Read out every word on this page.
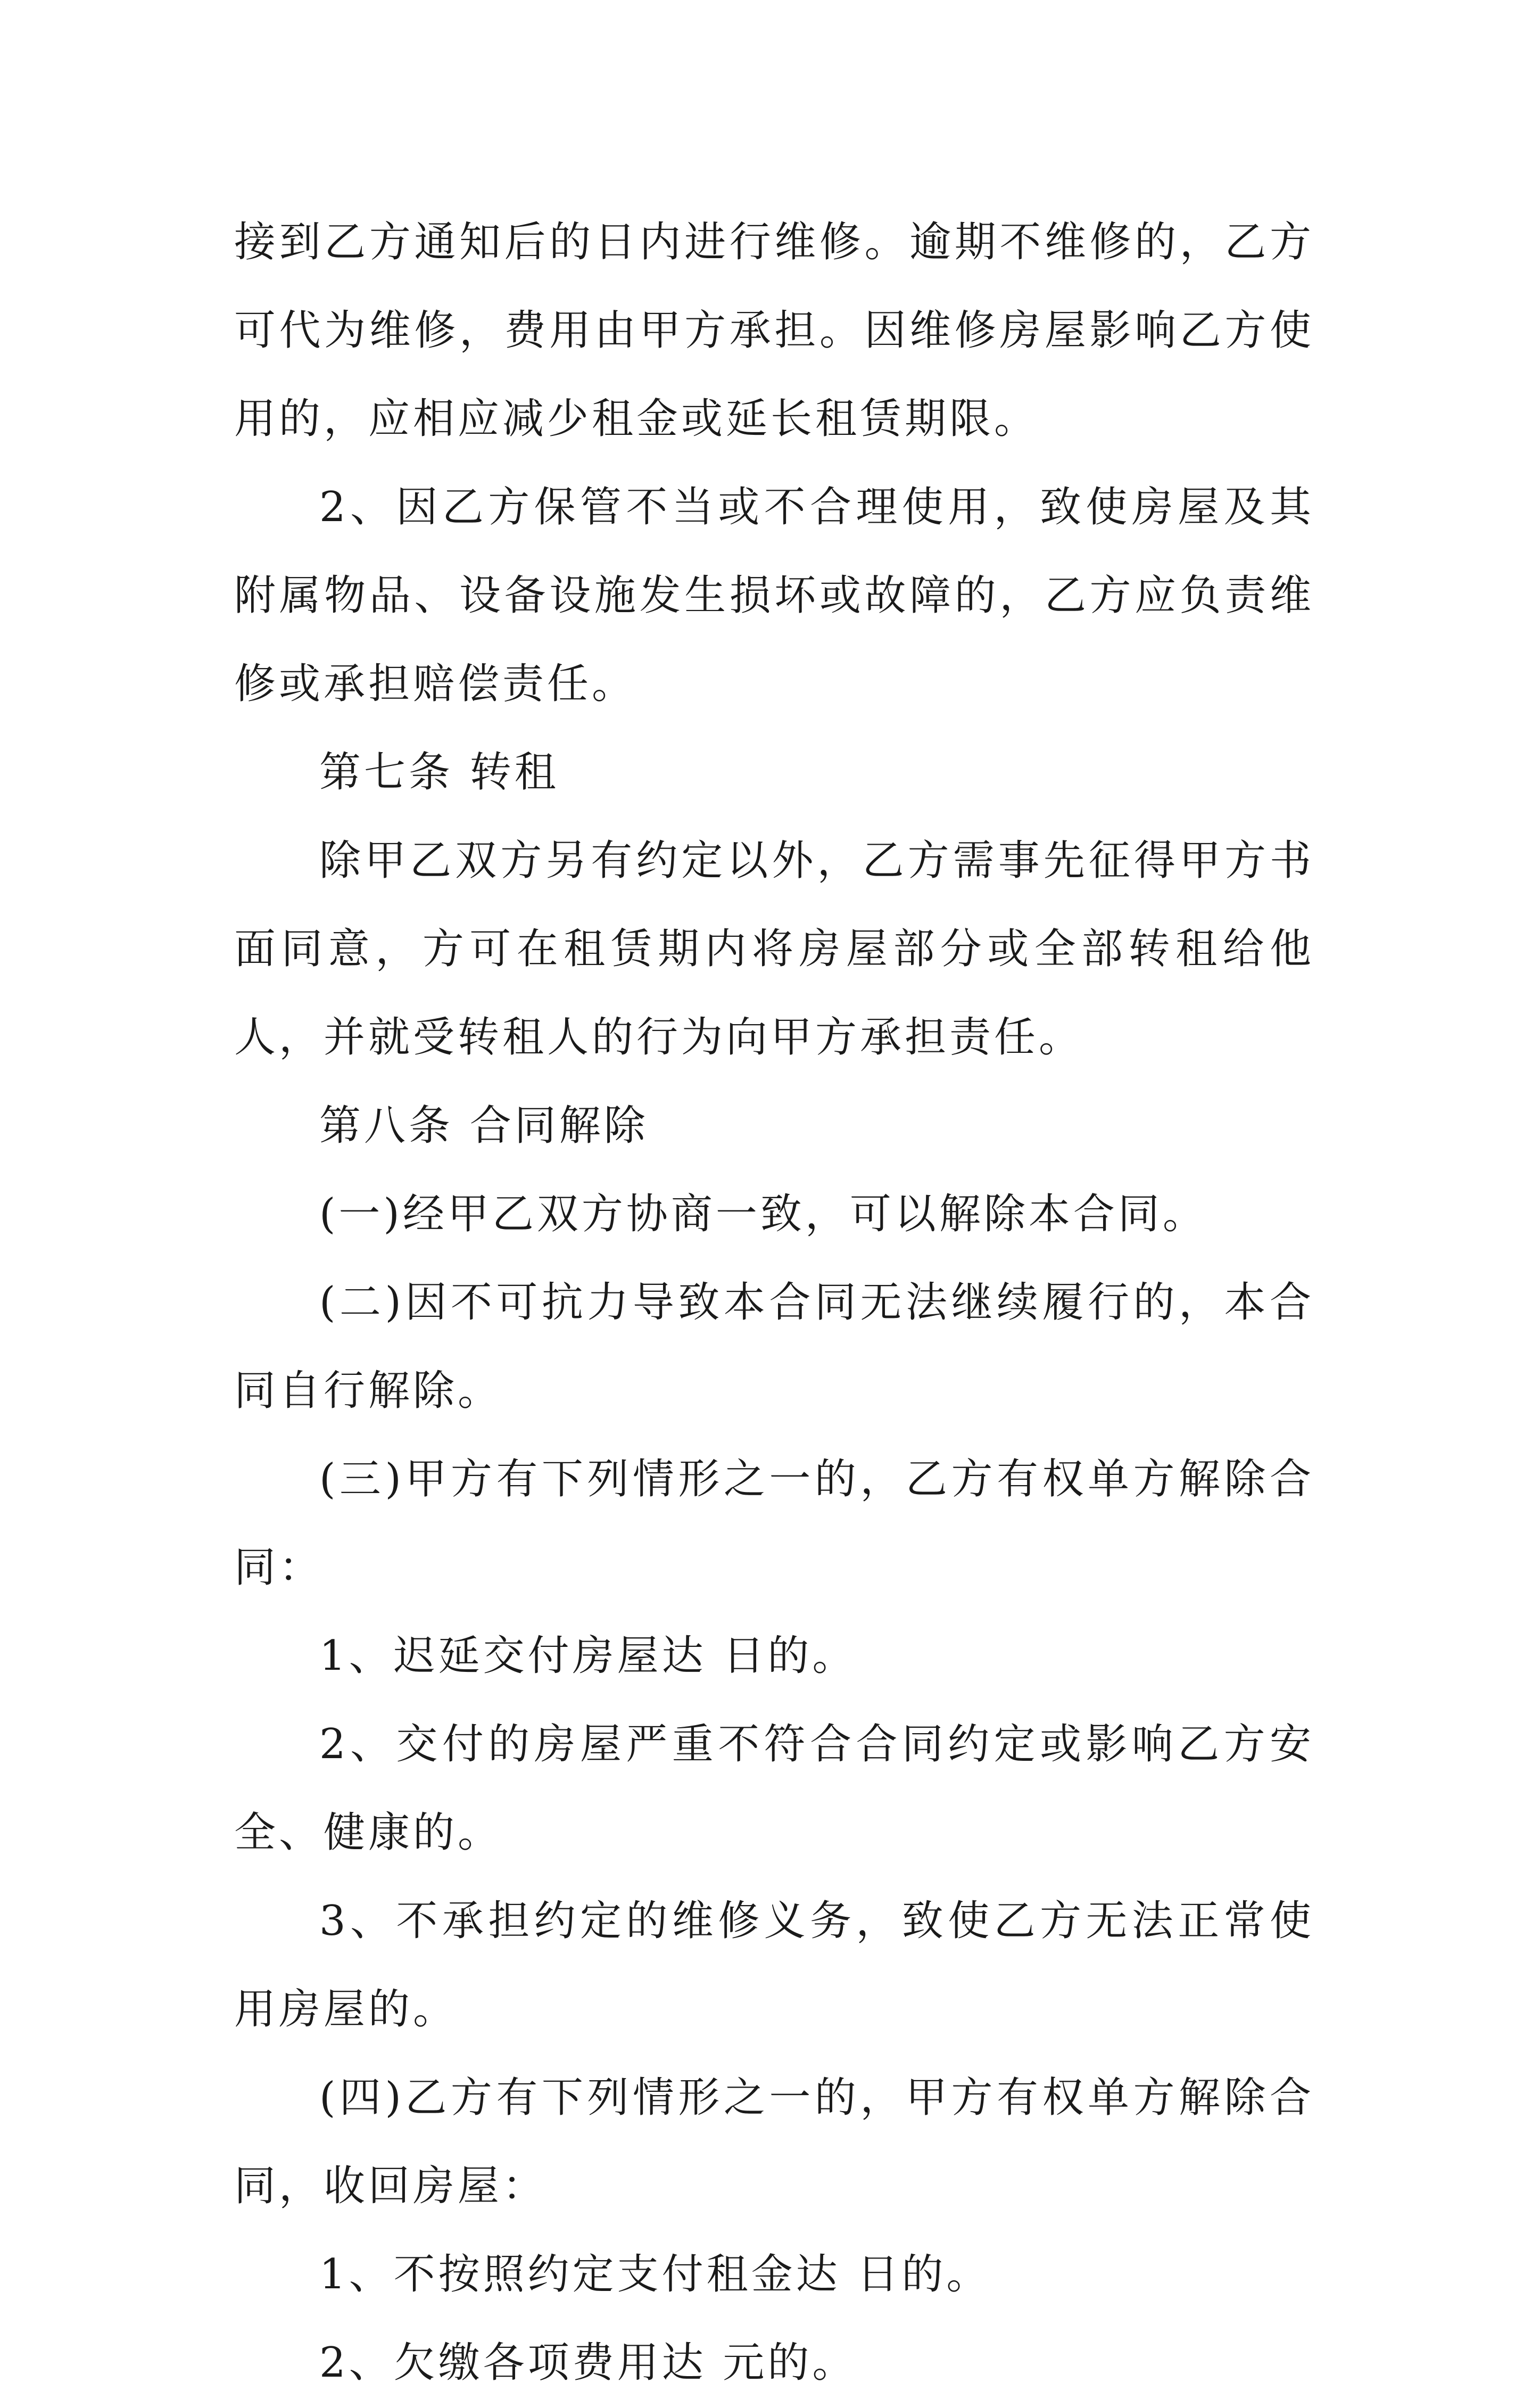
接到乙方通知后的日内进行维修。逾期不维修的，乙方可代为维修，费用由甲方承担。因维修房屋影响乙方使用的，应相应减少租金或延长租赁期限。

2、因乙方保管不当或不合理使用，致使房屋及其附属物品、设备设施发生损坏或故障的，乙方应负责维修或承担赔偿责任。

第七条 转租

除甲乙双方另有约定以外，乙方需事先征得甲方书面同意，方可在租赁期内将房屋部分或全部转租给他人，并就受转租人的行为向甲方承担责任。

第八条 合同解除

(一)经甲乙双方协商一致，可以解除本合同。

(二)因不可抗力导致本合同无法继续履行的，本合同自行解除。

(三)甲方有下列情形之一的，乙方有权单方解除合同：

1、迟延交付房屋达 日的。

2、交付的房屋严重不符合合同约定或影响乙方安全、健康的。

3、不承担约定的维修义务，致使乙方无法正常使用房屋的。

(四)乙方有下列情形之一的，甲方有权单方解除合同，收回房屋：

1、不按照约定支付租金达 日的。

2、欠缴各项费用达 元的。
